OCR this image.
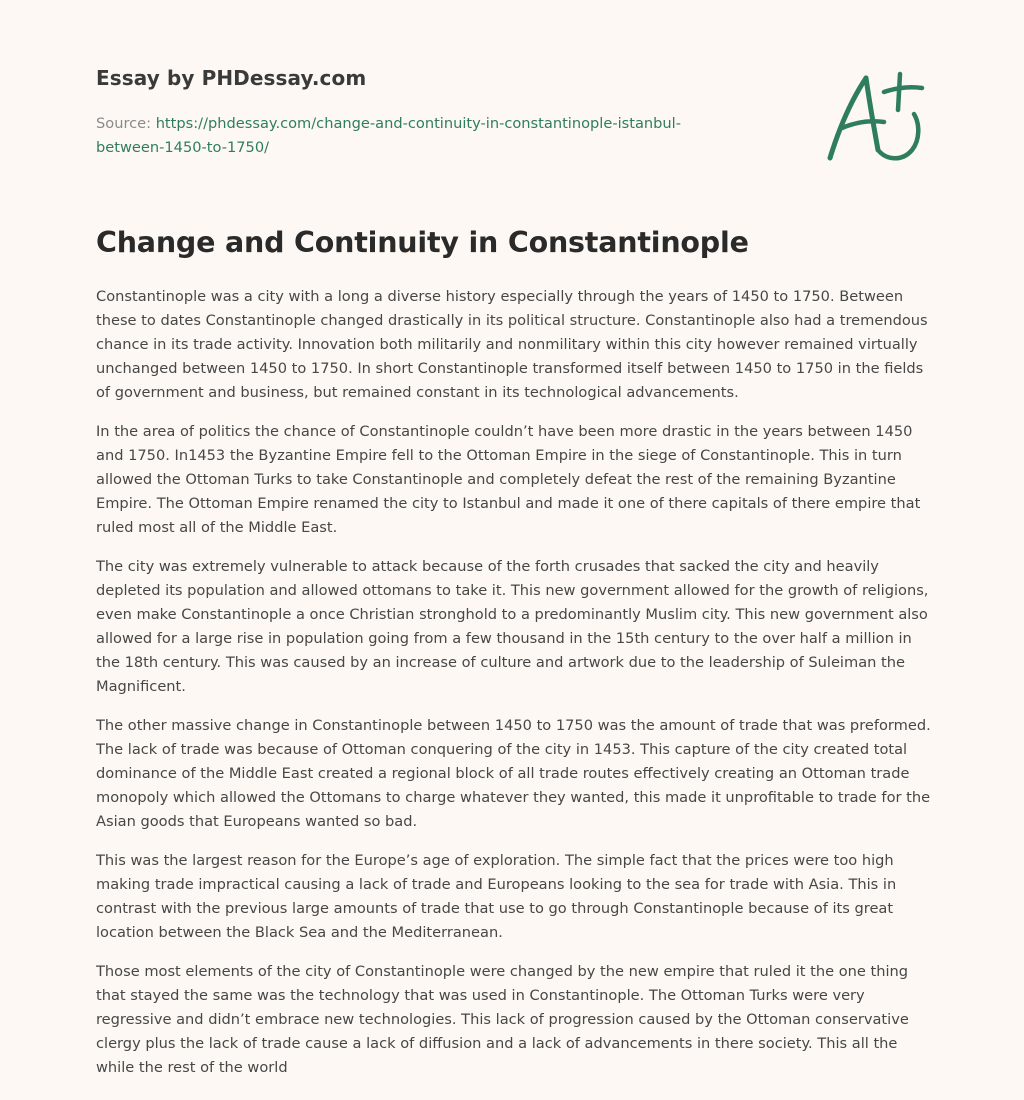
Essay by PHDessay.com
Source: https://phdessay.com/change-and-continuity-in-constantinople-istanbul-
between-1450-to-1750/
Change and Continuity in Constantinople

Constantinople was a city with a long a diverse history especially through the years of 1450 to 1750. Between these to dates Constantinople changed drastically in its political structure. Constantinople also had a tremendous chance in its trade activity. Innovation both militarily and nonmilitary within this city however remained virtually unchanged between 1450 to 1750. In short Constantinople transformed itself between 1450 to 1750 in the fields of government and business, but remained constant in its technological advancements.

In the area of politics the chance of Constantinople couldn’t have been more drastic in the years between 1450 and 1750. In1453 the Byzantine Empire fell to the Ottoman Empire in the siege of Constantinople. This in turn allowed the Ottoman Turks to take Constantinople and completely defeat the rest of the remaining Byzantine Empire. The Ottoman Empire renamed the city to Istanbul and made it one of there capitals of there empire that ruled most all of the Middle East.

The city was extremely vulnerable to attack because of the forth crusades that sacked the city and heavily depleted its population and allowed ottomans to take it. This new government allowed for the growth of religions, even make Constantinople a once Christian stronghold to a predominantly Muslim city. This new government also allowed for a large rise in population going from a few thousand in the 15th century to the over half a million in the 18th century. This was caused by an increase of culture and artwork due to the leadership of Suleiman the Magnificent.

The other massive change in Constantinople between 1450 to 1750 was the amount of trade that was preformed. The lack of trade was because of Ottoman conquering of the city in 1453. This capture of the city created total dominance of the Middle East created a regional block of all trade routes effectively creating an Ottoman trade monopoly which allowed the Ottomans to charge whatever they wanted, this made it unprofitable to trade for the Asian goods that Europeans wanted so bad.

This was the largest reason for the Europe’s age of exploration. The simple fact that the prices were too high making trade impractical causing a lack of trade and Europeans looking to the sea for trade with Asia. This in contrast with the previous large amounts of trade that use to go through Constantinople because of its great location between the Black Sea and the Mediterranean.

Those most elements of the city of Constantinople were changed by the new empire that ruled it the one thing that stayed the same was the technology that was used in Constantinople. The Ottoman Turks were very regressive and didn’t embrace new technologies. This lack of progression caused by the Ottoman conservative clergy plus the lack of trade cause a lack of diffusion and a lack of advancements in there society. This all the while the rest of the world
